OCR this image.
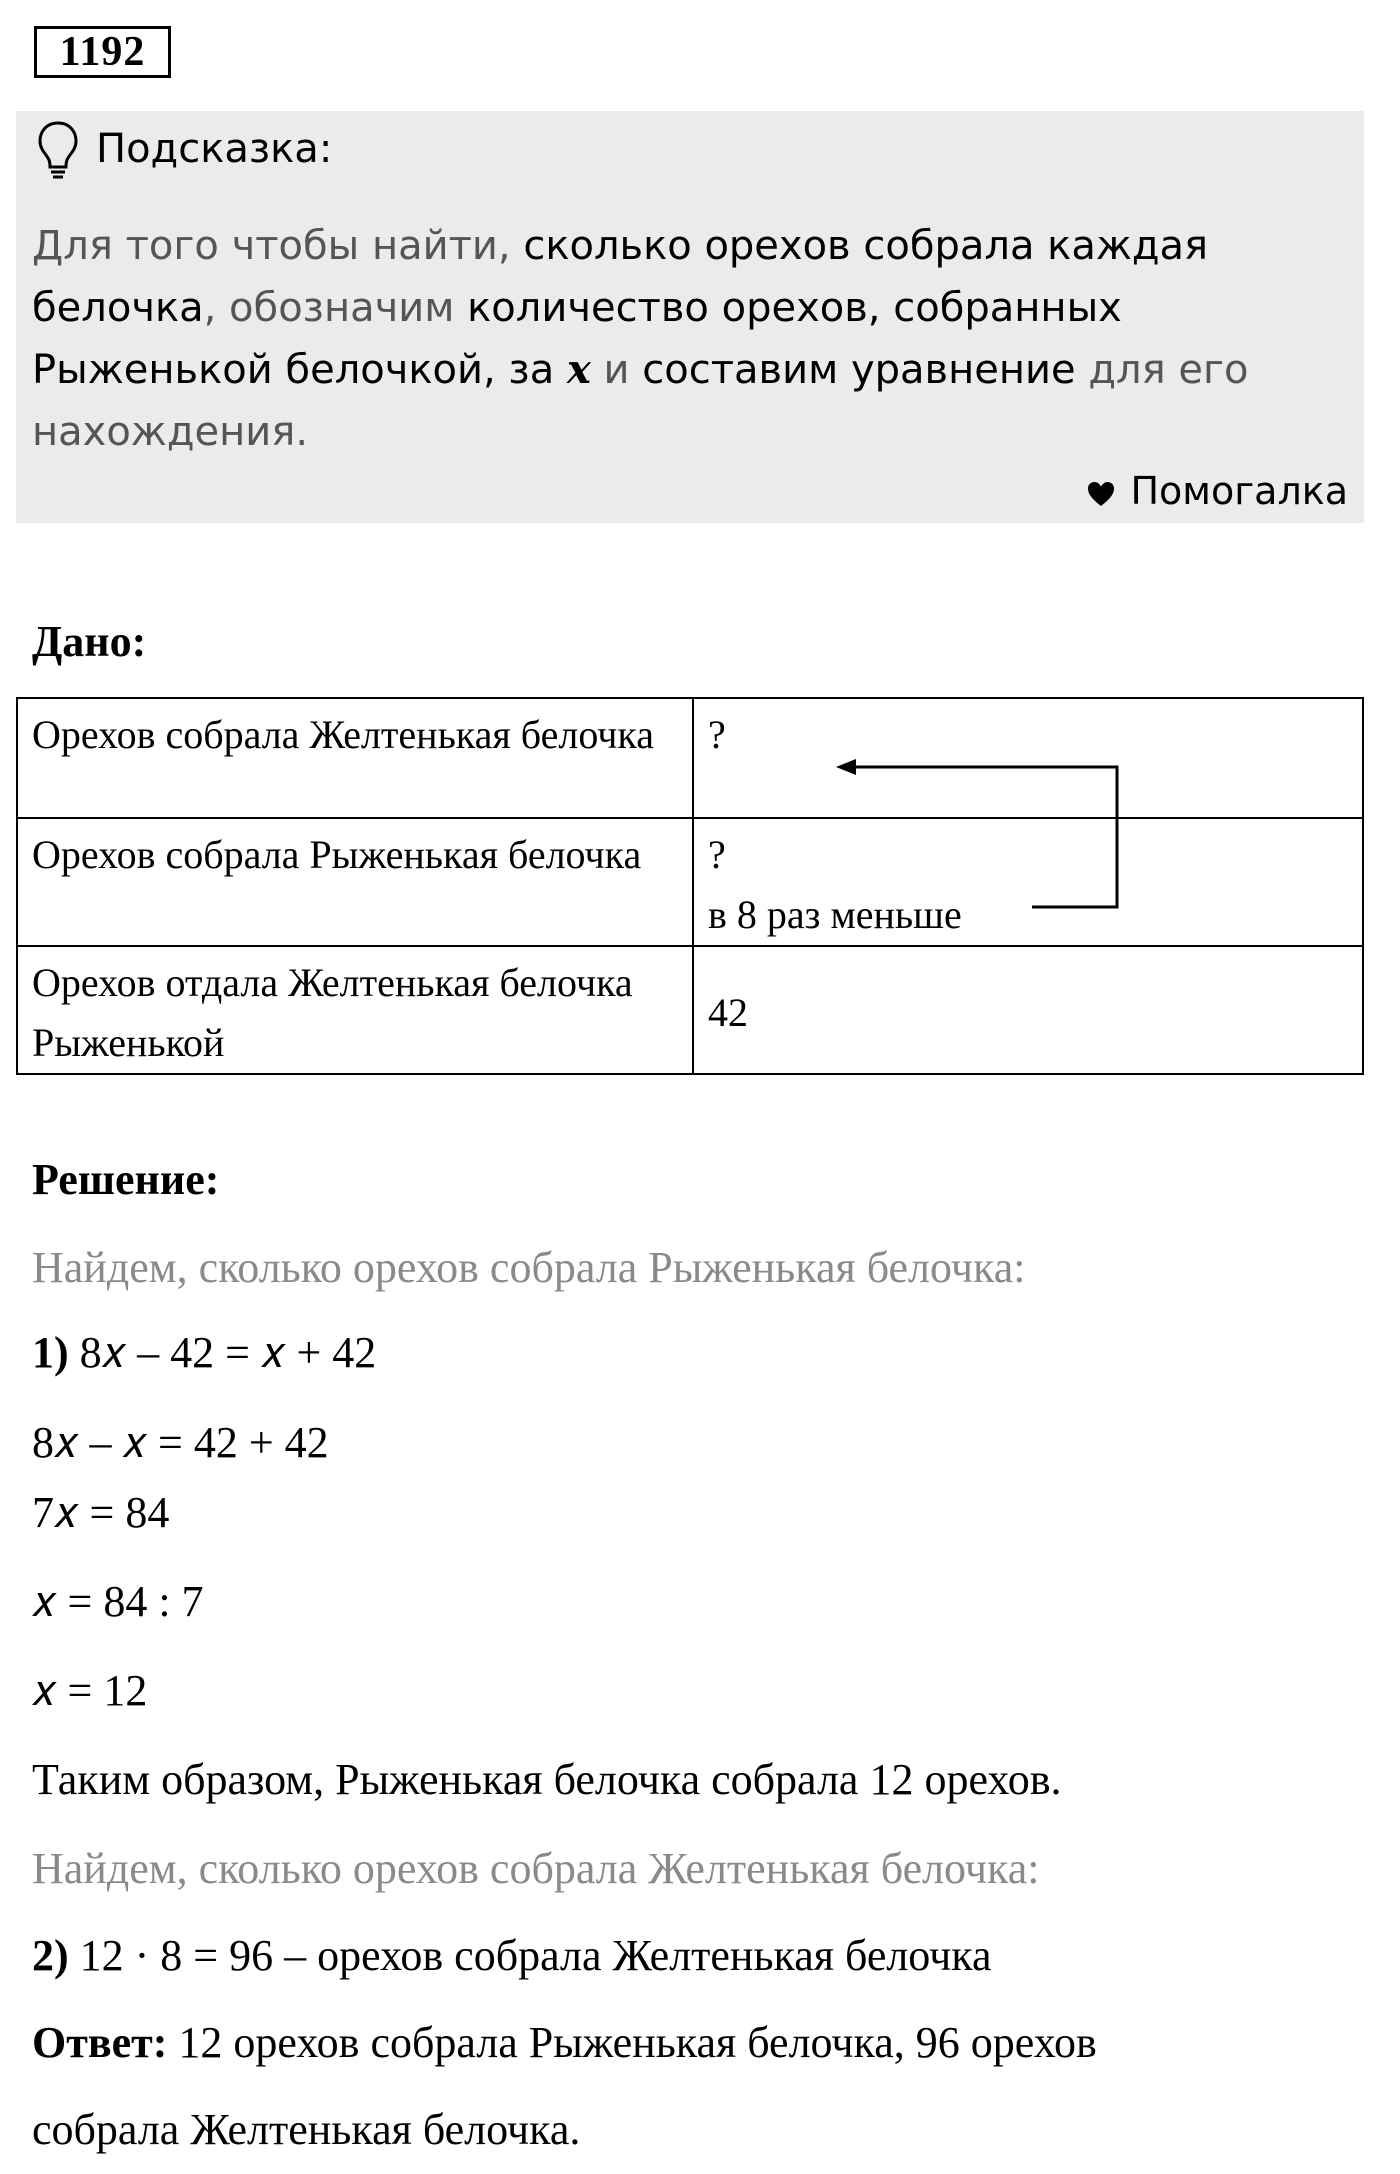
1192
Подсказка:
Для того чтобы найти, сколько орехов собрала каждая белочка, обозначим количество орехов, собранных Рыженькой белочкой, за x и составим уравнение для его нахождения.
Помогалка
Дано:
Орехов собрала Желтенькая белочка	?
Орехов собрала Рыженькая белочка	?
в 8 раз меньше

Орехов отдала Желтенькая белочка Рыженькой	42
Решение:
Найдем, сколько орехов собрала Рыженькая белочка:
1) 8𝑥 – 42 = 𝑥 + 42
8𝑥 – 𝑥 = 42 + 42
7𝑥 = 84
𝑥 = 84 : 7
𝑥 = 12
Таким образом, Рыженькая белочка собрала 12 орехов.
Найдем, сколько орехов собрала Желтенькая белочка:
2) 12 · 8 = 96 – орехов собрала Желтенькая белочка
Ответ: 12 орехов собрала Рыженькая белочка, 96 орехов
собрала Желтенькая белочка.
